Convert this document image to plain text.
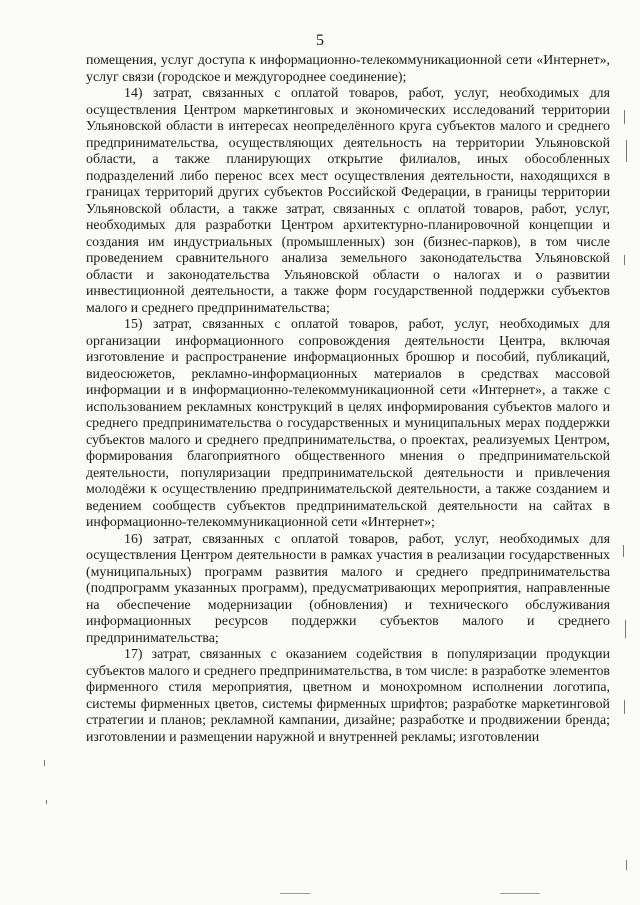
5

помещения, услуг доступа к информационно-телекоммуникационной сети «Интернет», услуг связи (городское и междугороднее соединение);

14) затрат, связанных с оплатой товаров, работ, услуг, необходимых для осуществления Центром маркетинговых и экономических исследований территории Ульяновской области в интересах неопределённого круга субъектов малого и среднего предпринимательства, осуществляющих деятельность на территории Ульяновской области, а также планирующих открытие филиалов, иных обособленных подразделений либо перенос всех мест осуществления деятельности, находящихся в границах территорий других субъектов Российской Федерации, в границы территории Ульяновской области, а также затрат, связанных с оплатой товаров, работ, услуг, необходимых для разработки Центром архитектурно-планировочной концепции и создания им индустриальных (промышленных) зон (бизнес-парков), в том числе проведением сравнительного анализа земельного законодательства Ульяновской области и законодательства Ульяновской области о налогах и о развитии инвестиционной деятельности, а также форм государственной поддержки субъектов малого и среднего предпринимательства;

15) затрат, связанных с оплатой товаров, работ, услуг, необходимых для организации информационного сопровождения деятельности Центра, включая изготовление и распространение информационных брошюр и пособий, публикаций, видеосюжетов, рекламно-информационных материалов в средствах массовой информации и в информационно-телекоммуникационной сети «Интернет», а также с использованием рекламных конструкций в целях информирования субъектов малого и среднего предпринимательства о государственных и муниципальных мерах поддержки субъектов малого и среднего предпринимательства, о проектах, реализуемых Центром, формирования благоприятного общественного мнения о предпринимательской деятельности, популяризации предпринимательской деятельности и привлечения молодёжи к осуществлению предпринимательской деятельности, а также созданием и ведением сообществ субъектов предпринимательской деятельности на сайтах в информационно-телекоммуникационной сети «Интернет»;

16) затрат, связанных с оплатой товаров, работ, услуг, необходимых для осуществления Центром деятельности в рамках участия в реализации государственных (муниципальных) программ развития малого и среднего предпринимательства (подпрограмм указанных программ), предусматривающих мероприятия, направленные на обеспечение модернизации (обновления) и технического обслуживания информационных ресурсов поддержки субъектов малого и среднего предпринимательства;

17) затрат, связанных с оказанием содействия в популяризации продукции субъектов малого и среднего предпринимательства, в том числе: в разработке элементов фирменного стиля мероприятия, цветном и монохромном исполнении логотипа, системы фирменных цветов, системы фирменных шрифтов; разработке маркетинговой стратегии и планов; рекламной кампании, дизайне; разработке и продвижении бренда; изготовлении и размещении наружной и внутренней рекламы; изготовлении
